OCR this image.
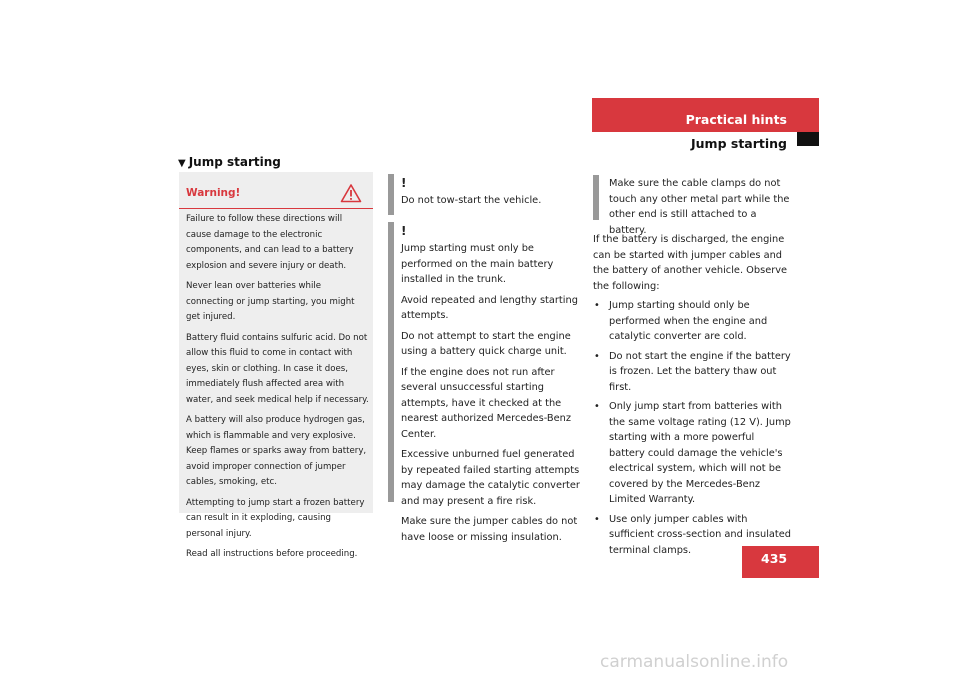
Practical hints
Jump starting
▼ Jump starting
Warning!

Failure to follow these directions will cause damage to the electronic components, and can lead to a battery explosion and severe injury or death.

Never lean over batteries while connecting or jump starting, you might get injured.

Battery fluid contains sulfuric acid. Do not allow this fluid to come in contact with eyes, skin or clothing. In case it does, immediately flush affected area with water, and seek medical help if necessary.

A battery will also produce hydrogen gas, which is flammable and very explosive. Keep flames or sparks away from battery, avoid improper connection of jumper cables, smoking, etc.

Attempting to jump start a frozen battery can result in it exploding, causing personal injury.

Read all instructions before proceeding.

!

Do not tow-start the vehicle.

!

Jump starting must only be performed on the main battery installed in the trunk.

Avoid repeated and lengthy starting attempts.

Do not attempt to start the engine using a battery quick charge unit.

If the engine does not run after several unsuccessful starting attempts, have it checked at the nearest authorized Mercedes-Benz Center.

Excessive unburned fuel generated by repeated failed starting attempts may damage the catalytic converter and may present a fire risk.

Make sure the jumper cables do not have loose or missing insulation.

Make sure the cable clamps do not touch any other metal part while the other end is still attached to a battery.

If the battery is discharged, the engine can be started with jumper cables and the battery of another vehicle. Observe the following:

• Jump starting should only be performed when the engine and catalytic converter are cold.
• Do not start the engine if the battery is frozen. Let the battery thaw out first.
• Only jump start from batteries with the same voltage rating (12 V). Jump starting with a more powerful battery could damage the vehicle's electrical system, which will not be covered by the Mercedes-Benz Limited Warranty.
• Use only jumper cables with sufficient cross-section and insulated terminal clamps.
435
carmanualsonline.info
